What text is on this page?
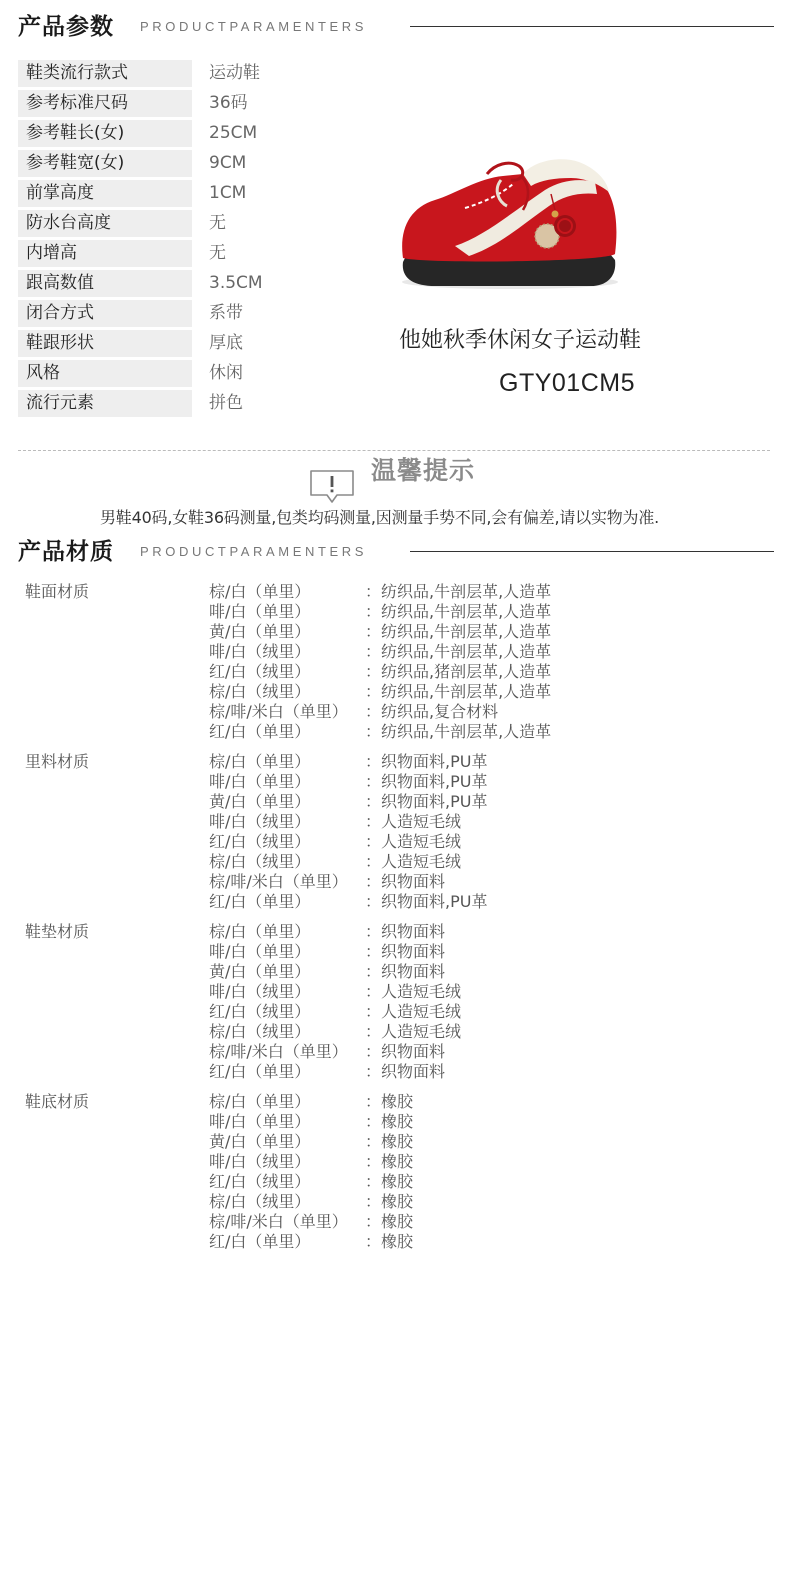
产品参数 PRODUCTPARAMENTERS
鞋类流行款式	运动鞋
参考标准尺码	36码
参考鞋长(女)	25CM
参考鞋宽(女)	9CM
前掌高度	1CM
防水台高度	无
内增高	无
跟高数值	3.5CM
闭合方式	系带
鞋跟形状	厚底
风格	休闲
流行元素	拼色
他她秋季休闲女子运动鞋
GTY01CM5
温馨提示
男鞋40码,女鞋36码测量,包类均码测量,因测量手势不同,会有偏差,请以实物为准.
产品材质 PRODUCTPARAMENTERS
鞋面材质	棕/白（单里）	：纺织品,牛剖层革,人造革
啡/白（单里）	：纺织品,牛剖层革,人造革
黄/白（单里）	：纺织品,牛剖层革,人造革
啡/白（绒里）	：纺织品,牛剖层革,人造革
红/白（绒里）	：纺织品,猪剖层革,人造革
棕/白（绒里）	：纺织品,牛剖层革,人造革
棕/啡/米白（单里） ：纺织品,复合材料
红/白（单里）	：纺织品,牛剖层革,人造革
里料材质	棕/白（单里）	：织物面料,PU革
啡/白（单里）	：织物面料,PU革
黄/白（单里）	：织物面料,PU革
啡/白（绒里）	：人造短毛绒
红/白（绒里）	：人造短毛绒
棕/白（绒里）	：人造短毛绒
棕/啡/米白（单里） ：织物面料
红/白（单里）	：织物面料,PU革
鞋垫材质	棕/白（单里）	：织物面料
啡/白（单里）	：织物面料
黄/白（单里）	：织物面料
啡/白（绒里）	：人造短毛绒
红/白（绒里）	：人造短毛绒
棕/白（绒里）	：人造短毛绒
棕/啡/米白（单里） ：织物面料
红/白（单里）	：织物面料
鞋底材质	棕/白（单里）	：橡胶
啡/白（单里）	：橡胶
黄/白（单里）	：橡胶
啡/白（绒里）	：橡胶
红/白（绒里）	：橡胶
棕/白（绒里）	：橡胶
棕/啡/米白（单里） ：橡胶
红/白（单里）	：橡胶
